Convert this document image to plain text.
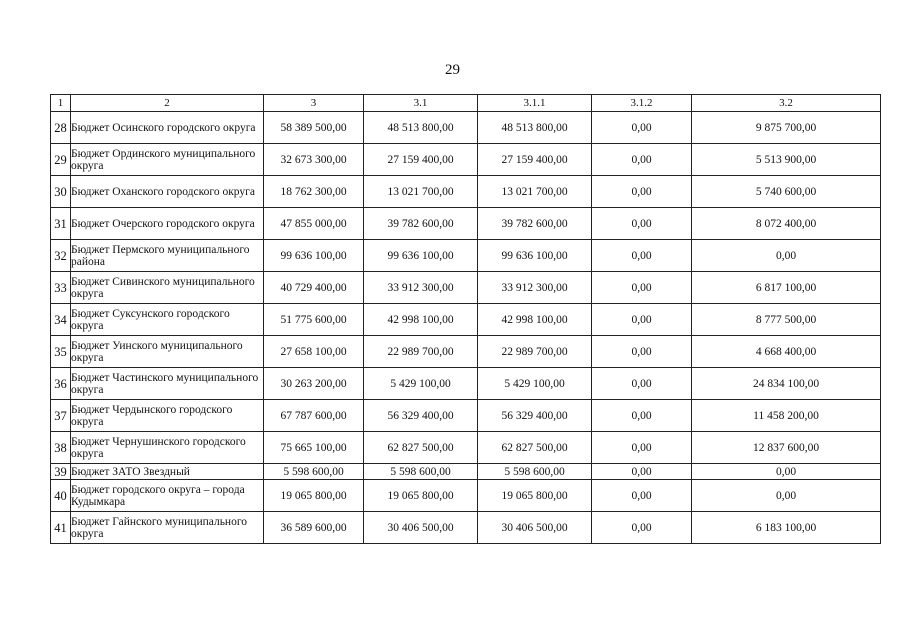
29
1	2	3	3.1	3.1.1	3.1.2	3.2
28	Бюджет Осинского городского округа	58 389 500,00	48 513 800,00	48 513 800,00	0,00	9 875 700,00
29	Бюджет Ординского муниципального округа	32 673 300,00	27 159 400,00	27 159 400,00	0,00	5 513 900,00
30	Бюджет Оханского городского округа	18 762 300,00	13 021 700,00	13 021 700,00	0,00	5 740 600,00
31	Бюджет Очерского городского округа	47 855 000,00	39 782 600,00	39 782 600,00	0,00	8 072 400,00
32	Бюджет Пермского муниципального района	99 636 100,00	99 636 100,00	99 636 100,00	0,00	0,00
33	Бюджет Сивинского муниципального округа	40 729 400,00	33 912 300,00	33 912 300,00	0,00	6 817 100,00
34	Бюджет Суксунского городского округа	51 775 600,00	42 998 100,00	42 998 100,00	0,00	8 777 500,00
35	Бюджет Уинского муниципального округа	27 658 100,00	22 989 700,00	22 989 700,00	0,00	4 668 400,00
36	Бюджет Частинского муниципального округа	30 263 200,00	5 429 100,00	5 429 100,00	0,00	24 834 100,00
37	Бюджет Чердынского городского округа	67 787 600,00	56 329 400,00	56 329 400,00	0,00	11 458 200,00
38	Бюджет Чернушинского городского округа	75 665 100,00	62 827 500,00	62 827 500,00	0,00	12 837 600,00
39	Бюджет ЗАТО Звездный	5 598 600,00	5 598 600,00	5 598 600,00	0,00	0,00
40	Бюджет городского округа – города Кудымкара	19 065 800,00	19 065 800,00	19 065 800,00	0,00	0,00
41	Бюджет Гайнского муниципального округа	36 589 600,00	30 406 500,00	30 406 500,00	0,00	6 183 100,00
